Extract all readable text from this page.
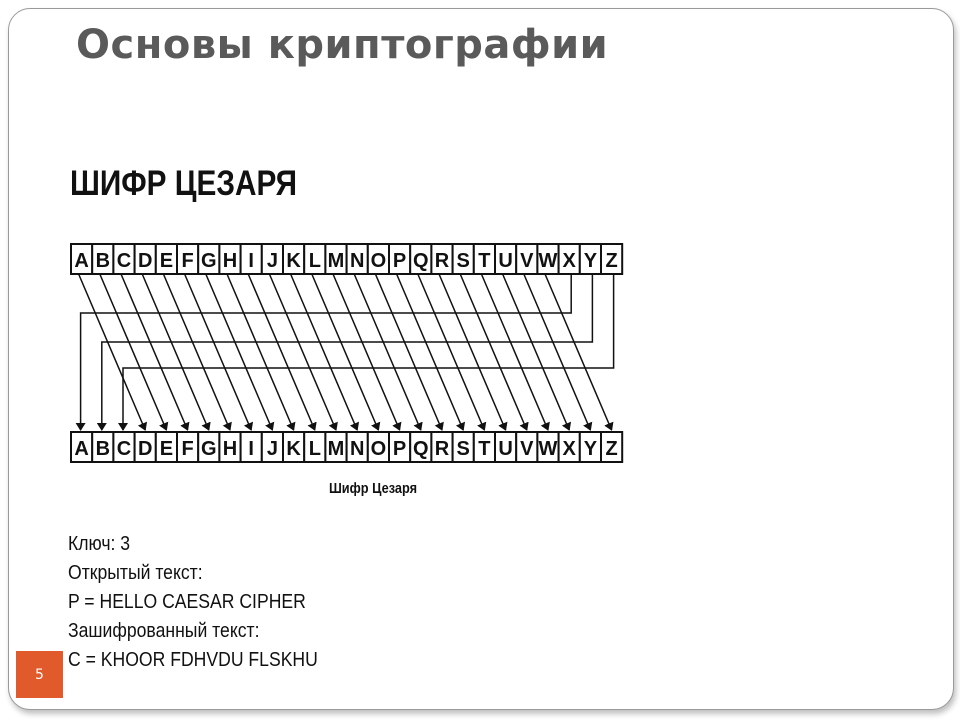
Основы криптографии
ШИФР ЦЕЗАРЯ
A B C D E F G H I J K L M N O P Q R S T U V W X Y Z
A B C D E F G H I J K L M N O P Q R S T U V W X Y Z
Шифр Цезаря
Ключ: 3
Открытый текст:
P = HELLO CAESAR CIPHER
Зашифрованный текст:
C = KHOOR FDHVDU FLSKHU
5
